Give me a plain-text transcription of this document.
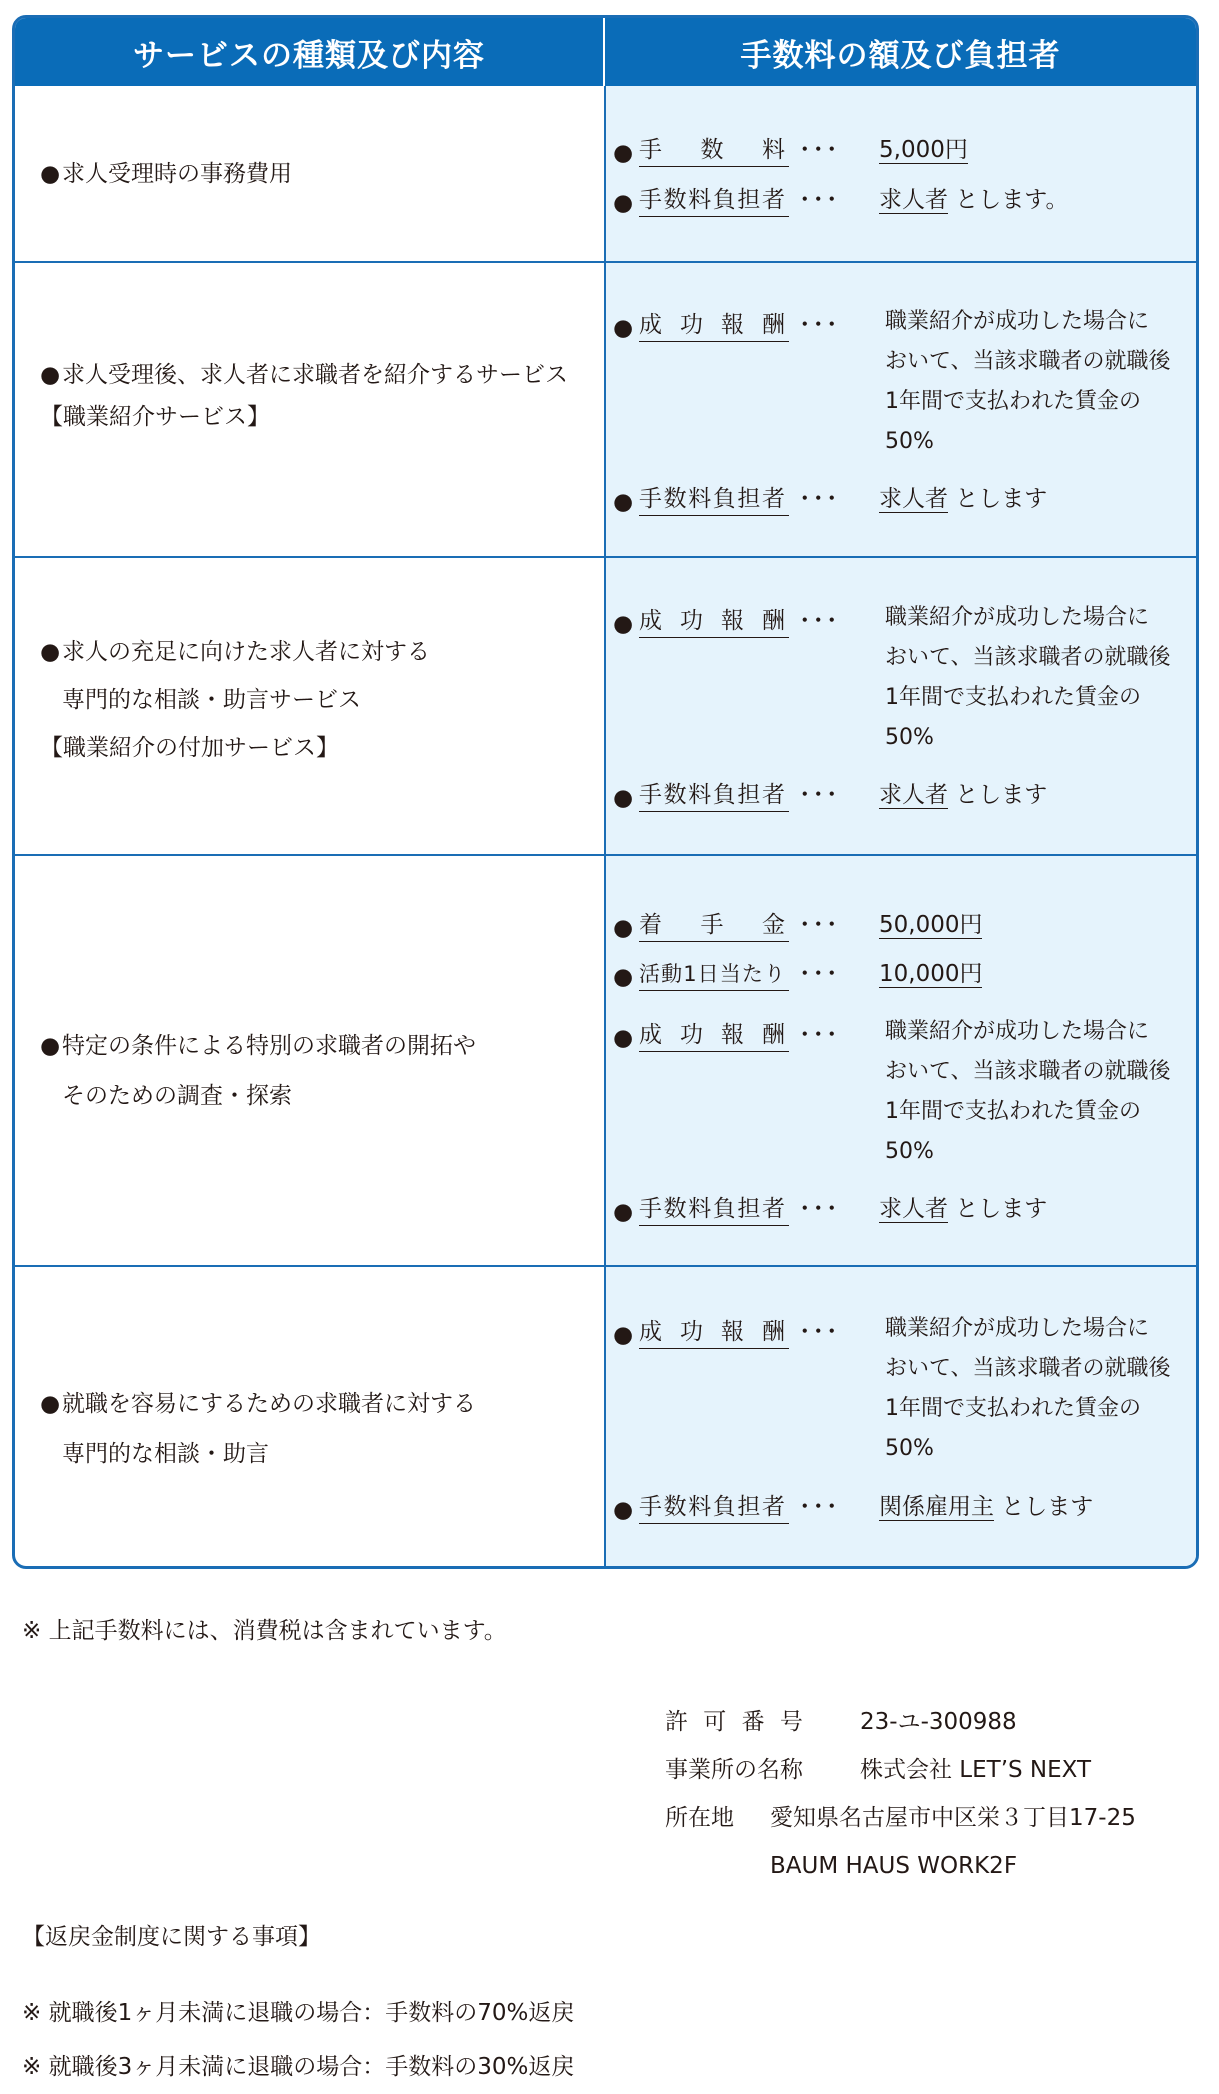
サービスの種類及び内容	手数料の額及び負担者
●求人受理時の事務費用
● 手　数　料 ･･･	5,000円
● 手数料負担者 ･･･	求人者 とします。
●求人受理後、求人者に求職者を紹介するサービス
【職業紹介サービス】
● 成 功 報 酬 ･･･	職業紹介が成功した場合に
おいて、当該求職者の就職後
1年間で支払われた賃金の
50%
● 手数料負担者 ･･･	求人者 とします
●求人の充足に向けた求人者に対する
専門的な相談・助言サービス
【職業紹介の付加サービス】
● 成 功 報 酬 ･･･	職業紹介が成功した場合に
おいて、当該求職者の就職後
1年間で支払われた賃金の
50%
● 手数料負担者 ･･･	求人者 とします
●特定の条件による特別の求職者の開拓や
そのための調査・探索
● 着　手　金 ･･･	50,000円
● 活動1日当たり ･･･	10,000円
● 成 功 報 酬 ･･･	職業紹介が成功した場合に
おいて、当該求職者の就職後
1年間で支払われた賃金の
50%
● 手数料負担者 ･･･	求人者 とします
●就職を容易にするための求職者に対する
専門的な相談・助言
● 成 功 報 酬 ･･･	職業紹介が成功した場合に
おいて、当該求職者の就職後
1年間で支払われた賃金の
50%
● 手数料負担者 ･･･	関係雇用主 とします
※ 上記手数料には、消費税は含まれています。
許 可 番 号 23-ユ-300988
事業所の名称 株式会社 LET’S NEXT
所在地 愛知県名古屋市中区栄３丁目17-25
BAUM HAUS WORK2F
【返戻金制度に関する事項】
※ 就職後1ヶ月未満に退職の場合：手数料の70%返戻
※ 就職後3ヶ月未満に退職の場合：手数料の30%返戻
